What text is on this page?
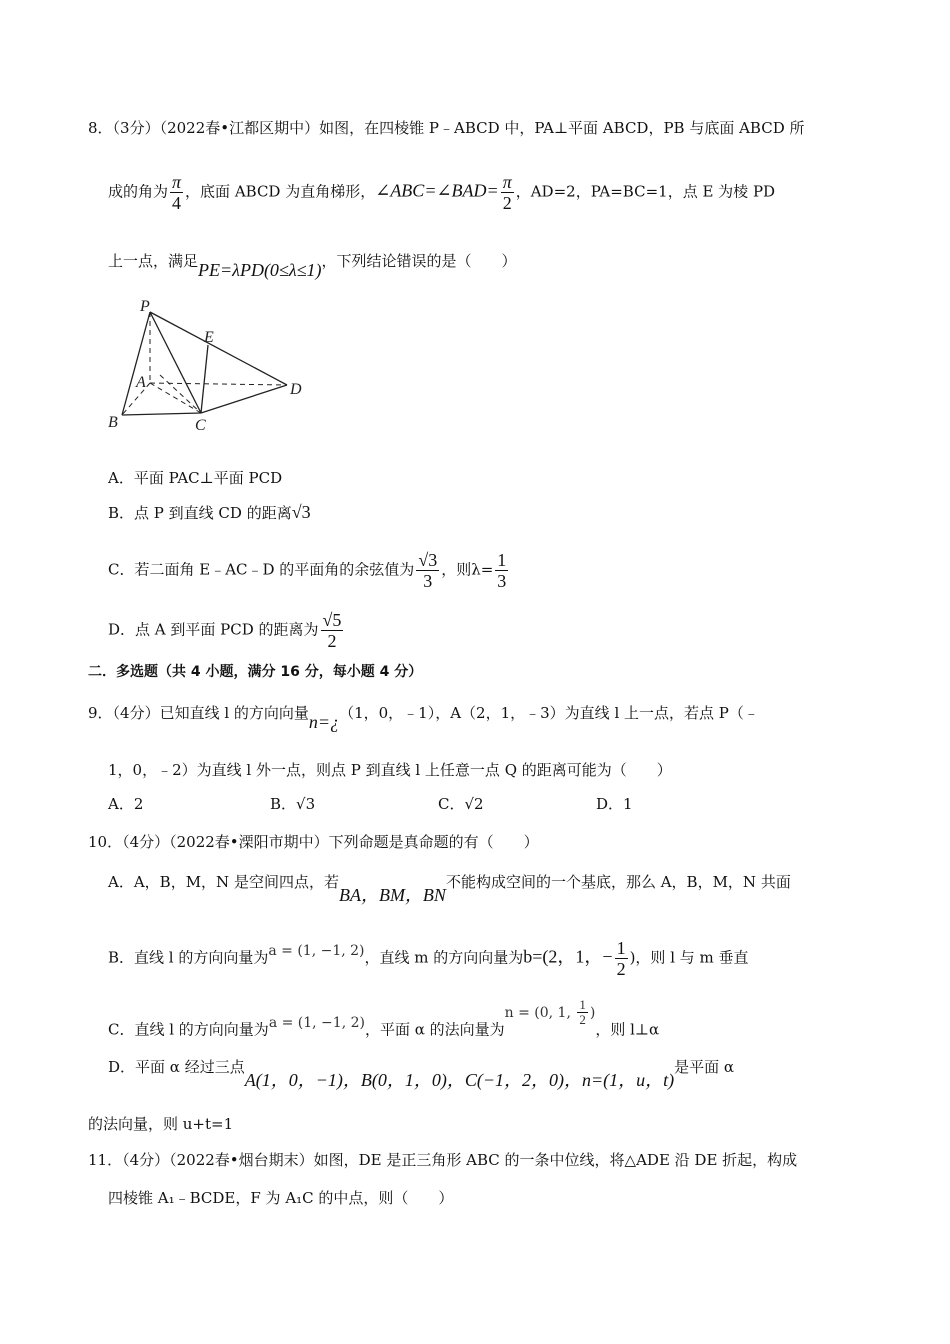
8．（3分）（2022春•江都区期中）如图，在四棱锥 P﹣ABCD 中，PA⊥平面 ABCD，PB 与底面 ABCD 所
成的角为 $\frac{\pi}{4}$ ，底面 ABCD 为直角梯形，∠ABC=∠BAD= $\frac{\pi}{2}$ ，AD=2，PA=BC=1，点 E 为棱 PD
上一点，满足PE=λPD(0≤λ≤1)，下列结论错误的是（　　）
P
E
A	D
B	C
A．平面 PAC⊥平面 PCD
B．点 P 到直线 CD 的距离√3
C．若二面角 E﹣AC﹣D 的平面角的余弦值为 $\frac{√3}{3}$ ，则$\lambda= \frac{1}{3}$
D．点 A 到平面 PCD 的距离为 $\frac{√5}{2}$
二．多选题（共 4 小题，满分 16 分，每小题 4 分）
9．（4分）已知直线 l 的方向向量n=¿（1，0，﹣1），A（2，1，﹣3）为直线 l 上一点，若点 P（﹣
1，0，﹣2）为直线 l 外一点，则点 P 到直线 l 上任意一点 Q 的距离可能为（　　）
A．2	B．√3	C．√2	D．1
10．（4分）（2022春•溧阳市期中）下列命题是真命题的有（　　）
A．A，B，M，N 是空间四点，若BA，BM，BN不能构成空间的一个基底，那么 A，B，M，N 共面
B．直线 l 的方向向量为a = (1, −1, 2)，直线 m 的方向向量为b=(2，1，− $\frac{1}{2}$ )，则 l 与 m 垂直
C．直线 l 的方向向量为a = (1, −1, 2)，平面 α 的法向量为n = (0, 1, $\frac{1}{2}$ )，则 l⊥α
D．平面 α 经过三点A(1，0，−1)，B(0，1，0)，C(−1，2，0)，n=(1，u，t)是平面 α
的法向量，则 u+t=1
11．（4分）（2022春•烟台期末）如图，DE 是正三角形 ABC 的一条中位线，将△ADE 沿 DE 折起，构成
四棱锥 A₁﹣BCDE，F 为 A₁C 的中点，则（　　）
